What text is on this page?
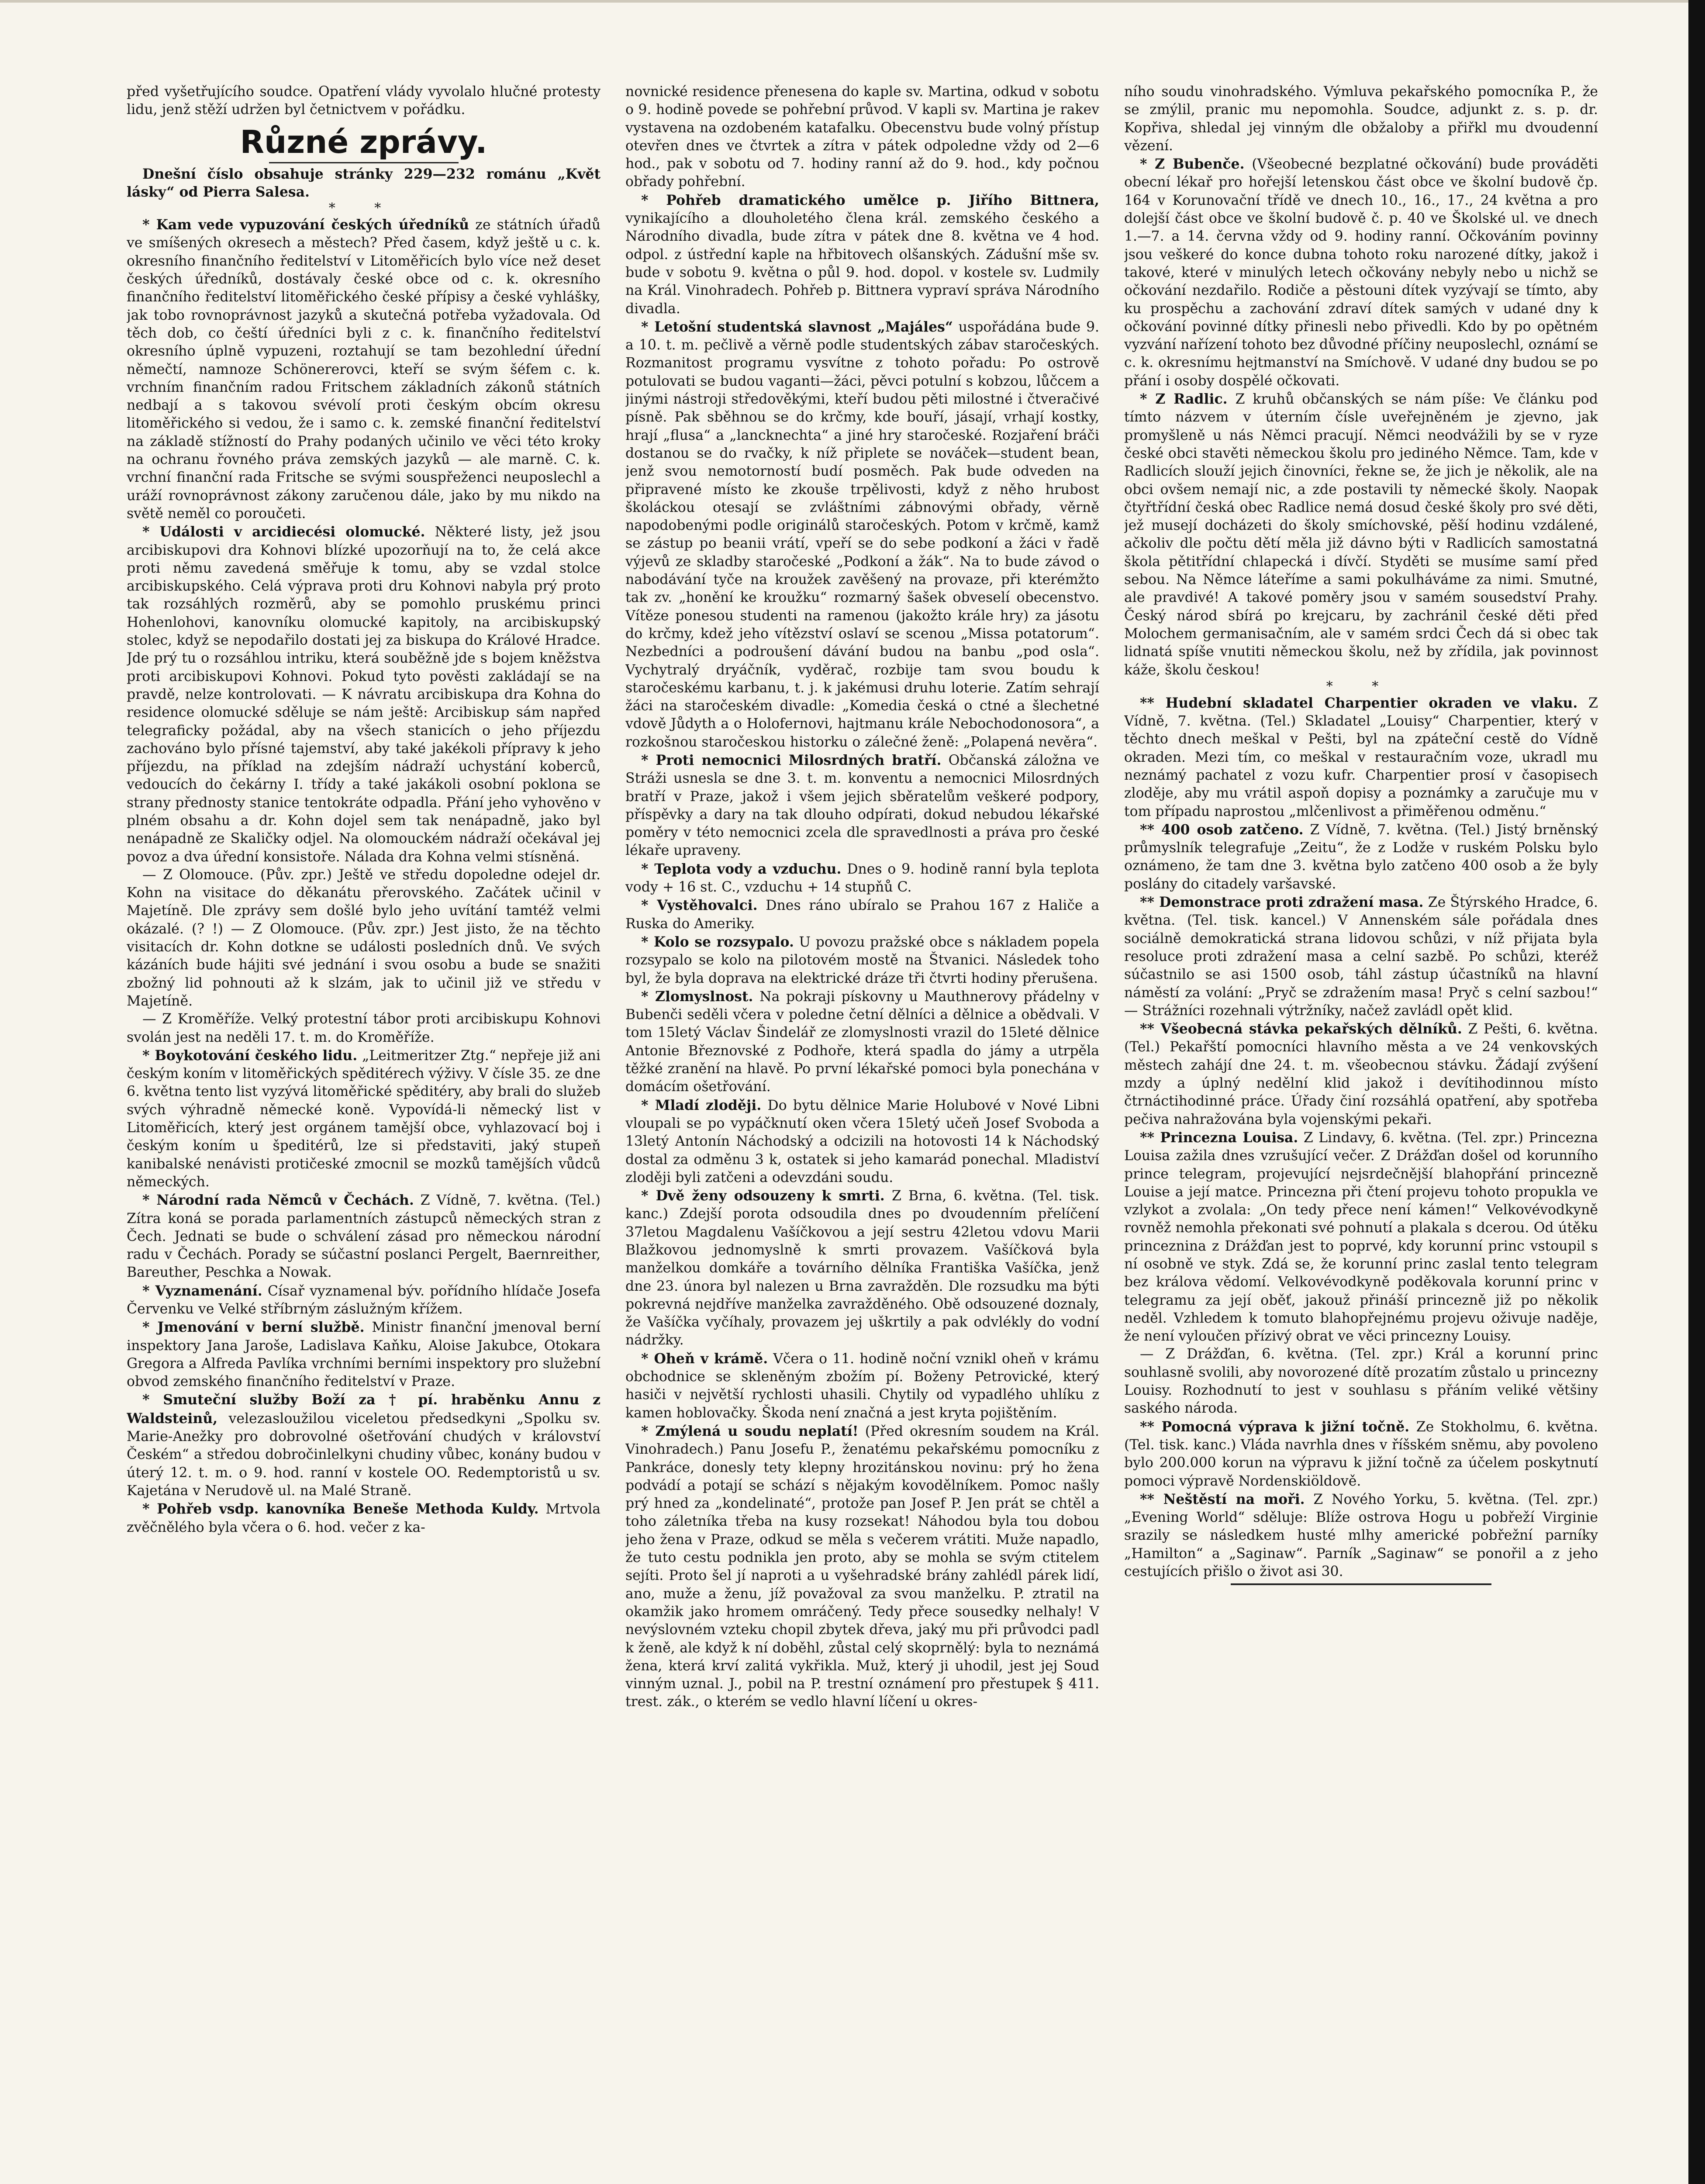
před vyšetřujícího soudce. Opatření vlády vyvolalo hlučné protesty lidu, jenž stěží udržen byl četnictvem v pořádku.

Různé zprávy.

Dnešní číslo obsahuje stránky 229—232 románu „Květ lásky“ od Pierra Salesa.

* *

* Kam vede vypuzování českých úředníků ze státních úřadů ve smíšených okresech a městech? Před časem, když ještě u c. k. okresního finančního ředitelství v Litoměřicích bylo více než deset českých úředníků, dostávaly české obce od c. k. okresního finančního ředitelství litoměřického české přípisy a české vyhlášky, jak tobo rovnoprávnost jazyků a skutečná potřeba vyžadovala. Od těch dob, co čeští úředníci byli z c. k. finančního ředitelství okresního úplně vypuzeni, roztahují se tam bezohlední úřední němečtí, namnoze Schönererovci, kteří se svým šéfem c. k. vrchním finančním radou Fritschem základních zákonů státních nedbají a s takovou svévolí proti českým obcím okresu litoměřického si vedou, že i samo c. k. zemské finanční ředitelství na základě stížností do Prahy podaných učinilo ve věci této kroky na ochranu řovného práva zemských jazyků — ale marně. C. k. vrchní finanční rada Fritsche se svými souspřeženci neuposlechl a uráží rovnoprávnost zákony zaručenou dále, jako by mu nikdo na světě neměl co poroučeti.

* Události v arcidiecési olomucké. Některé listy, jež jsou arcibiskupovi dra Kohnovi blízké upozorňují na to, že celá akce proti němu zavedená směřuje k tomu, aby se vzdal stolce arcibiskupského. Celá výprava proti dru Kohnovi nabyla prý proto tak rozsáhlých rozměrů, aby se pomohlo pruskému princi Hohenlohovi, kanovníku olomucké kapitoly, na arcibiskupský stolec, když se nepodařilo dostati jej za biskupa do Králové Hradce. Jde prý tu o rozsáhlou intriku, která souběžně jde s bojem kněžstva proti arcibiskupovi Kohnovi. Pokud tyto pověsti zakládají se na pravdě, nelze kontrolovati. — K návratu arcibiskupa dra Kohna do residence olomucké sděluje se nám ještě: Arcibiskup sám napřed telegraficky požádal, aby na všech stanicích o jeho příjezdu zachováno bylo přísné tajemství, aby také jakékoli přípravy k jeho příjezdu, na příklad na zdejším nádraží uchystání koberců, vedoucích do čekárny I. třídy a také jakákoli osobní poklona se strany přednosty stanice tentokráte odpadla. Přání jeho vyhověno v plném obsahu a dr. Kohn dojel sem tak nenápadně, jako byl nenápadně ze Skaličky odjel. Na olomouckém nádraží očekával jej povoz a dva úřední konsistoře. Nálada dra Kohna velmi stísněná.

— Z Olomouce. (Pův. zpr.) Ještě ve středu dopoledne odejel dr. Kohn na visitace do děkanátu přerovského. Začátek učinil v Majetíně. Dle zprávy sem došlé bylo jeho uvítání tamtéž velmi okázalé. (? !) — Z Olomouce. (Pův. zpr.) Jest jisto, že na těchto visitacích dr. Kohn dotkne se události posledních dnů. Ve svých kázáních bude hájiti své jednání i svou osobu a bude se snažiti zbožný lid pohnouti až k slzám, jak to učinil již ve středu v Majetíně.

— Z Kroměříže. Velký protestní tábor proti arcibiskupu Kohnovi svolán jest na neděli 17. t. m. do Kroměříže.

* Boykotování českého lidu. „Leitmeritzer Ztg.“ nepřeje již ani českým koním v litoměřických spěditérech výživy. V čísle 35. ze dne 6. května tento list vyzývá litoměřické spěditéry, aby brali do služeb svých výhradně německé koně. Vypovídá-li německý list v Litoměřicích, který jest orgánem tamější obce, vyhlazovací boj i českým koním u špeditérů, lze si představiti, jaký stupeň kanibalské nenávisti protičeské zmocnil se mozků tamějších vůdců německých.

* Národní rada Němců v Čechách. Z Vídně, 7. května. (Tel.) Zítra koná se porada parlamentních zástupců německých stran z Čech. Jednati se bude o schválení zásad pro německou národní radu v Čechách. Porady se súčastní poslanci Pergelt, Baernreither, Bareuther, Peschka a Nowak.

* Vyznamenání. Císař vyznamenal býv. pořídního hlídače Josefa Červenku ve Velké stříbrným záslužným křížem.

* Jmenování v berní službě. Ministr finanční jmenoval berní inspektory Jana Jaroše, Ladislava Kaňku, Aloise Jakubce, Otokara Gregora a Alfreda Pavlíka vrchními berními inspektory pro služební obvod zemského finančního ředitelství v Praze.

* Smuteční služby Boží za † pí. hraběnku Annu z Waldsteinů, velezasloužilou viceletou předsedkyni „Spolku sv. Marie-Anežky pro dobrovolné ošetřování chudých v království Českém“ a středou dobročinlelkyni chudiny vůbec, konány budou v úterý 12. t. m. o 9. hod. ranní v kostele OO. Redemptoristů u sv. Kajetána v Nerudově ul. na Malé Straně.

* Pohřeb vsdp. kanovníka Beneše Methoda Kuldy. Mrtvola zvěčnělého byla včera o 6. hod. večer z ka-

novnické residence přenesena do kaple sv. Martina, odkud v sobotu o 9. hodině povede se pohřební průvod. V kapli sv. Martina je rakev vystavena na ozdobeném katafalku. Obecenstvu bude volný přístup otevřen dnes ve čtvrtek a zítra v pátek odpoledne vždy od 2—6 hod., pak v sobotu od 7. hodiny ranní až do 9. hod., kdy počnou obřady pohřební.

* Pohřeb dramatického umělce p. Jiřího Bittnera, vynikajícího a dlouholetého člena král. zemského českého a Národního divadla, bude zítra v pátek dne 8. května ve 4 hod. odpol. z ústřední kaple na hřbitovech olšanských. Zádušní mše sv. bude v sobotu 9. května o půl 9. hod. dopol. v kostele sv. Ludmily na Král. Vinohradech. Pohřeb p. Bittnera vypraví správa Národního divadla.

* Letošní studentská slavnost „Majáles“ uspořádána bude 9. a 10. t. m. pečlivě a věrně podle studentských zábav staročeských. Rozmanitost programu vysvítne z tohoto pořadu: Po ostrově potulovati se budou vaganti—žáci, pěvci potulní s kobzou, lůčcem a jinými nástroji středověkými, kteří budou pěti milostné i čtveračivé písně. Pak sběhnou se do krčmy, kde bouří, jásají, vrhají kostky, hrají „flusa“ a „lancknechta“ a jiné hry staročeské. Rozjaření bráči dostanou se do rvačky, k níž připlete se nováček—student bean, jenž svou nemotorností budí posměch. Pak bude odveden na připravené místo ke zkouše trpělivosti, když z něho hrubost školáckou otesají se zvláštními zábnovými obřady, věrně napodobenými podle originálů staročeských. Potom v krčmě, kamž se zástup po beanii vrátí, vpeří se do sebe podkoní a žáci v řadě výjevů ze skladby staročeské „Podkoní a žák“. Na to bude závod o nabodávání tyče na kroužek zavěšený na provaze, při kterémžto tak zv. „honění ke kroužku“ rozmarný šašek obveselí obecenstvo. Vítěze ponesou studenti na ramenou (jakožto krále hry) za jásotu do krčmy, kdež jeho vítězství oslaví se scenou „Missa potatorum“. Nezbedníci a podroušení dávání budou na banbu „pod osla“. Vychytralý dryáčník, vyděrač, rozbije tam svou boudu k staročeskému karbanu, t. j. k jakémusi druhu loterie. Zatím sehrají žáci na staročeském divadle: „Komedia česká o ctné a šlechetné vdově Jůdyth a o Holofernovi, hajtmanu krále Nebochodonosora“, a rozkošnou staročeskou historku o zálečné ženě: „Polapená nevěra“.

* Proti nemocnici Milosrdných bratří. Občanská záložna ve Stráži usnesla se dne 3. t. m. konventu a nemocnici Milosrdných bratří v Praze, jakož i všem jejich sběratelům veškeré podpory, příspěvky a dary na tak dlouho odpírati, dokud nebudou lékařské poměry v této nemocnici zcela dle spravedlnosti a práva pro české lékaře upraveny.

* Teplota vody a vzduchu. Dnes o 9. hodině ranní byla teplota vody + 16 st. C., vzduchu + 14 stupňů C.

* Vystěhovalci. Dnes ráno ubíralo se Prahou 167 z Haliče a Ruska do Ameriky.

* Kolo se rozsypalo. U povozu pražské obce s nákladem popela rozsypalo se kolo na pilotovém mostě na Štvanici. Následek toho byl, že byla doprava na elektrické dráze tři čtvrti hodiny přerušena.

* Zlomyslnost. Na pokraji pískovny u Mauthnerovy přádelny v Bubenči seděli včera v poledne četní dělníci a dělnice a obědvali. V tom 15letý Václav Šindelář ze zlomyslnosti vrazil do 15leté dělnice Antonie Březnovské z Podhoře, která spadla do jámy a utrpěla těžké zranění na hlavě. Po první lékařské pomoci byla ponechána v domácím ošetřování.

* Mladí zloději. Do bytu dělnice Marie Holubové v Nové Libni vloupali se po vypáčknutí oken včera 15letý učeň Josef Svoboda a 13letý Antonín Náchodský a odcizili na hotovosti 14 k Náchodský dostal za odměnu 3 k, ostatek si jeho kamarád ponechal. Mladiství zloději byli zatčeni a odevzdáni soudu.

* Dvě ženy odsouzeny k smrti. Z Brna, 6. května. (Tel. tisk. kanc.) Zdejší porota odsoudila dnes po dvoudenním přelíčení 37letou Magdalenu Vašíčkovou a její sestru 42letou vdovu Marii Blažkovou jednomyslně k smrti provazem. Vašíčková byla manželkou domkáře a továrního dělníka Františka Vašíčka, jenž dne 23. února byl nalezen u Brna zavražděn. Dle rozsudku ma býti pokrevná nejdříve manželka zavražděného. Obě odsouzené doznaly, že Vašíčka vyčíhaly, provazem jej uškrtily a pak odvlékly do vodní nádržky.

* Oheň v krámě. Včera o 11. hodině noční vznikl oheň v krámu obchodnice se skleněným zbožím pí. Boženy Petrovické, který hasiči v největší rychlosti uhasili. Chytily od vypadlého uhlíku z kamen hoblovačky. Škoda není značná a jest kryta pojištěním.

* Zmýlená u soudu neplatí! (Před okresním soudem na Král. Vinohradech.) Panu Josefu P., ženatému pekařskému pomocníku z Pankráce, donesly tety klepny hrozitánskou novinu: prý ho žena podvádí a potají se schází s nějakým kovodělníkem. Pomoc našly prý hned za „kondelinaté“, protože pan Josef P. Jen prát se chtěl a toho záletníka třeba na kusy rozsekat! Náhodou byla tou dobou jeho žena v Praze, odkud se měla s večerem vrátiti. Muže napadlo, že tuto cestu podnikla jen proto, aby se mohla se svým ctitelem sejíti. Proto šel jí naproti a u vyšehradské brány zahlédl párek lidí, ano, muže a ženu, jíž považoval za svou manželku. P. ztratil na okamžik jako hromem omráčený. Tedy přece sousedky nelhaly! V nevýslovném vzteku chopil zbytek dřeva, jaký mu při průvodci padl k ženě, ale když k ní doběhl, zůstal celý skoprnělý: byla to neznámá žena, která krví zalitá vykřikla. Muž, který ji uhodil, jest jej Soud vinným uznal. J., pobil na P. trestní oznámení pro přestupek § 411. trest. zák., o kterém se vedlo hlavní líčení u okres-

ního soudu vinohradského. Výmluva pekařského pomocníka P., že se zmýlil, pranic mu nepomohla. Soudce, adjunkt z. s. p. dr. Kopřiva, shledal jej vinným dle obžaloby a přiřkl mu dvoudenní vězení.

* Z Bubenče. (Všeobecné bezplatné očkování) bude prováděti obecní lékař pro hořejší letenskou část obce ve školní budově čp. 164 v Korunovační třídě ve dnech 10., 16., 17., 24 května a pro dolejší část obce ve školní budově č. p. 40 ve Školské ul. ve dnech 1.—7. a 14. června vždy od 9. hodiny ranní. Očkováním povinny jsou veškeré do konce dubna tohoto roku narozené dítky, jakož i takové, které v minulých letech očkovány nebyly nebo u nichž se očkování nezdařilo. Rodiče a pěstouni dítek vyzývají se tímto, aby ku prospěchu a zachování zdraví dítek samých v udané dny k očkování povinné dítky přinesli nebo přivedli. Kdo by po opětném vyzvání nařízení tohoto bez důvodné příčiny neuposlechl, oznámí se c. k. okresnímu hejtmanství na Smíchově. V udané dny budou se po přání i osoby dospělé očkovati.

* Z Radlic. Z kruhů občanských se nám píše: Ve článku pod tímto názvem v úterním čísle uveřejněném je zjevno, jak promyšleně u nás Němci pracují. Němci neodvážili by se v ryze české obci stavěti německou školu pro jediného Němce. Tam, kde v Radlicích slouží jejich činovníci, řekne se, že jich je několik, ale na obci ovšem nemají nic, a zde postavili ty německé školy. Naopak čtyřtřídní česká obec Radlice nemá dosud české školy pro své děti, jež musejí docházeti do školy smíchovské, pěší hodinu vzdálené, ačkoliv dle počtu dětí měla již dávno býti v Radlicích samostatná škola pětitřídní chlapecká i dívčí. Styděti se musíme samí před sebou. Na Němce láteříme a sami pokulháváme za nimi. Smutné, ale pravdivé! A takové poměry jsou v samém sousedství Prahy. Český národ sbírá po krejcaru, by zachránil české děti před Molochem germanisačním, ale v samém srdci Čech dá si obec tak lidnatá spíše vnutiti německou školu, než by zřídila, jak povinnost káže, školu českou!

* *

** Hudební skladatel Charpentier okraden ve vlaku. Z Vídně, 7. května. (Tel.) Skladatel „Louisy“ Charpentier, který v těchto dnech meškal v Pešti, byl na zpáteční cestě do Vídně okraden. Mezi tím, co meškal v restauračním voze, ukradl mu neznámý pachatel z vozu kufr. Charpentier prosí v časopisech zloděje, aby mu vrátil aspoň dopisy a poznámky a zaručuje mu v tom případu naprostou „mlčenlivost a přiměřenou odměnu.“

** 400 osob zatčeno. Z Vídně, 7. května. (Tel.) Jistý brněnský průmyslník telegrafuje „Zeitu“, že z Lodže v ruském Polsku bylo oznámeno, že tam dne 3. května bylo zatčeno 400 osob a že byly poslány do citadely varšavské.

** Demonstrace proti zdražení masa. Ze Štýrského Hradce, 6. května. (Tel. tisk. kancel.) V Annenském sále pořádala dnes sociálně demokratická strana lidovou schůzi, v níž přijata byla resoluce proti zdražení masa a celní sazbě. Po schůzi, kteréž súčastnilo se asi 1500 osob, táhl zástup účastníků na hlavní náměstí za volání: „Pryč se zdražením masa! Pryč s celní sazbou!“ — Strážníci rozehnali výtržníky, načež zavládl opět klid.

** Všeobecná stávka pekařských dělníků. Z Pešti, 6. května. (Tel.) Pekařští pomocníci hlavního města a ve 24 venkovských městech zahájí dne 24. t. m. všeobecnou stávku. Žádají zvýšení mzdy a úplný nedělní klid jakož i devítihodinnou místo čtrnáctihodinné práce. Úřady činí rozsáhlá opatření, aby spotřeba pečiva nahražována byla vojenskými pekaři.

** Princezna Louisa. Z Lindavy, 6. května. (Tel. zpr.) Princezna Louisa zažila dnes vzrušující večer. Z Drážďan došel od korunního prince telegram, projevující nejsrdečnější blahopřání princezně Louise a její matce. Princezna při čtení projevu tohoto propukla ve vzlykot a zvolala: „On tedy přece není kámen!“ Velkovévodkyně rovněž nemohla překonati své pohnutí a plakala s dcerou. Od útěku princeznina z Drážďan jest to poprvé, kdy korunní princ vstoupil s ní osobně ve styk. Zdá se, že korunní princ zaslal tento telegram bez králova vědomí. Velkovévodkyně poděkovala korunní princ v telegramu za její oběť, jakouž přináší princezně již po několik neděl. Vzhledem k tomuto blahopřejnému projevu oživuje naděje, že není vyloučen přízivý obrat ve věci princezny Louisy.

— Z Drážďan, 6. května. (Tel. zpr.) Král a korunní princ souhlasně svolili, aby novorozené dítě prozatím zůstalo u princezny Louisy. Rozhodnutí to jest v souhlasu s přáním veliké většiny saského národa.

** Pomocná výprava k jižní točně. Ze Stokholmu, 6. května. (Tel. tisk. kanc.) Vláda navrhla dnes v říšském sněmu, aby povoleno bylo 200.000 korun na výpravu k jižní točně za účelem poskytnutí pomoci výpravě Nordenskiöldově.

** Neštěstí na moři. Z Nového Yorku, 5. května. (Tel. zpr.) „Evening World“ sděluje: Blíže ostrova Hogu u pobřeží Virginie srazily se následkem husté mlhy americké pobřežní parníky „Hamilton“ a „Saginaw“. Parník „Saginaw“ se ponořil a z jeho cestujících přišlo o život asi 30.
